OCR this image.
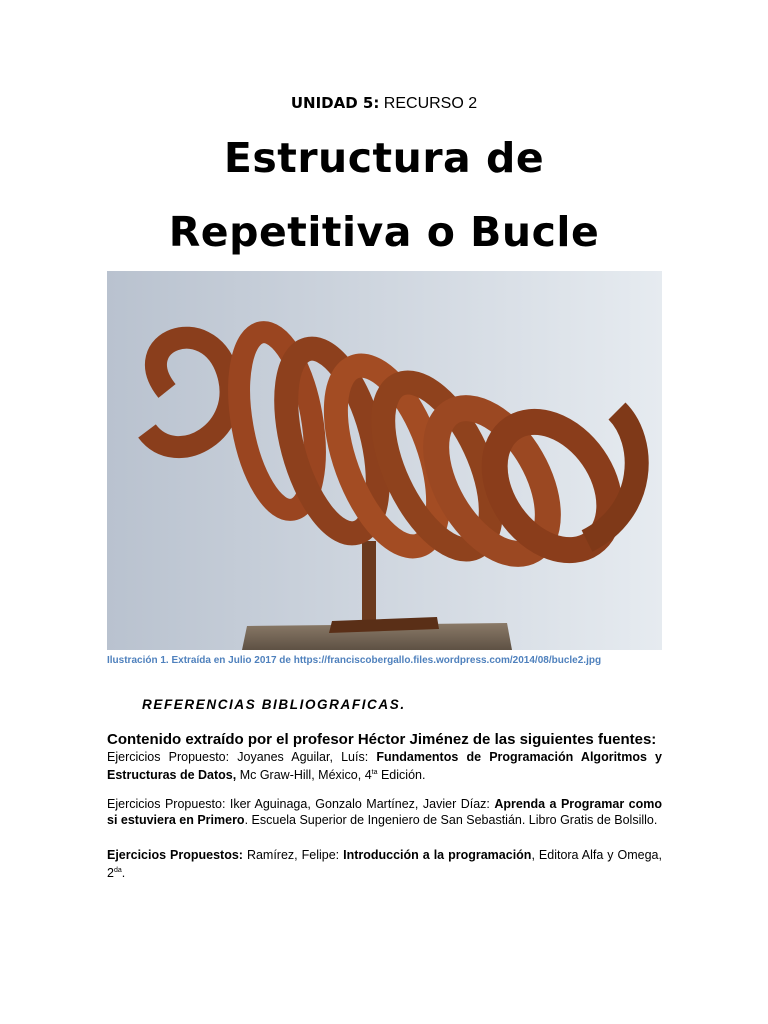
UNIDAD 5: RECURSO 2
Estructura de
Repetitiva o Bucle
Ilustración 1. Extraída en Julio 2017 de https://franciscobergallo.files.wordpress.com/2014/08/bucle2.jpg
REFERENCIAS BIBLIOGRAFICAS.
Contenido extraído por el profesor Héctor Jiménez de las siguientes fuentes:
Ejercicios Propuesto: Joyanes Aguilar, Luís: Fundamentos de Programación Algoritmos y Estructuras de Datos, Mc Graw-Hill, México, $4^{ta}$ Edición.
Ejercicios Propuesto: Iker Aguinaga, Gonzalo Martínez, Javier Díaz: Aprenda a Programar como si estuviera en Primero. Escuela Superior de Ingeniero de San Sebastián. Libro Gratis de Bolsillo.
Ejercicios Propuestos: Ramírez, Felipe: Introducción a la programación, Editora Alfa y Omega, $2^{da}$.
